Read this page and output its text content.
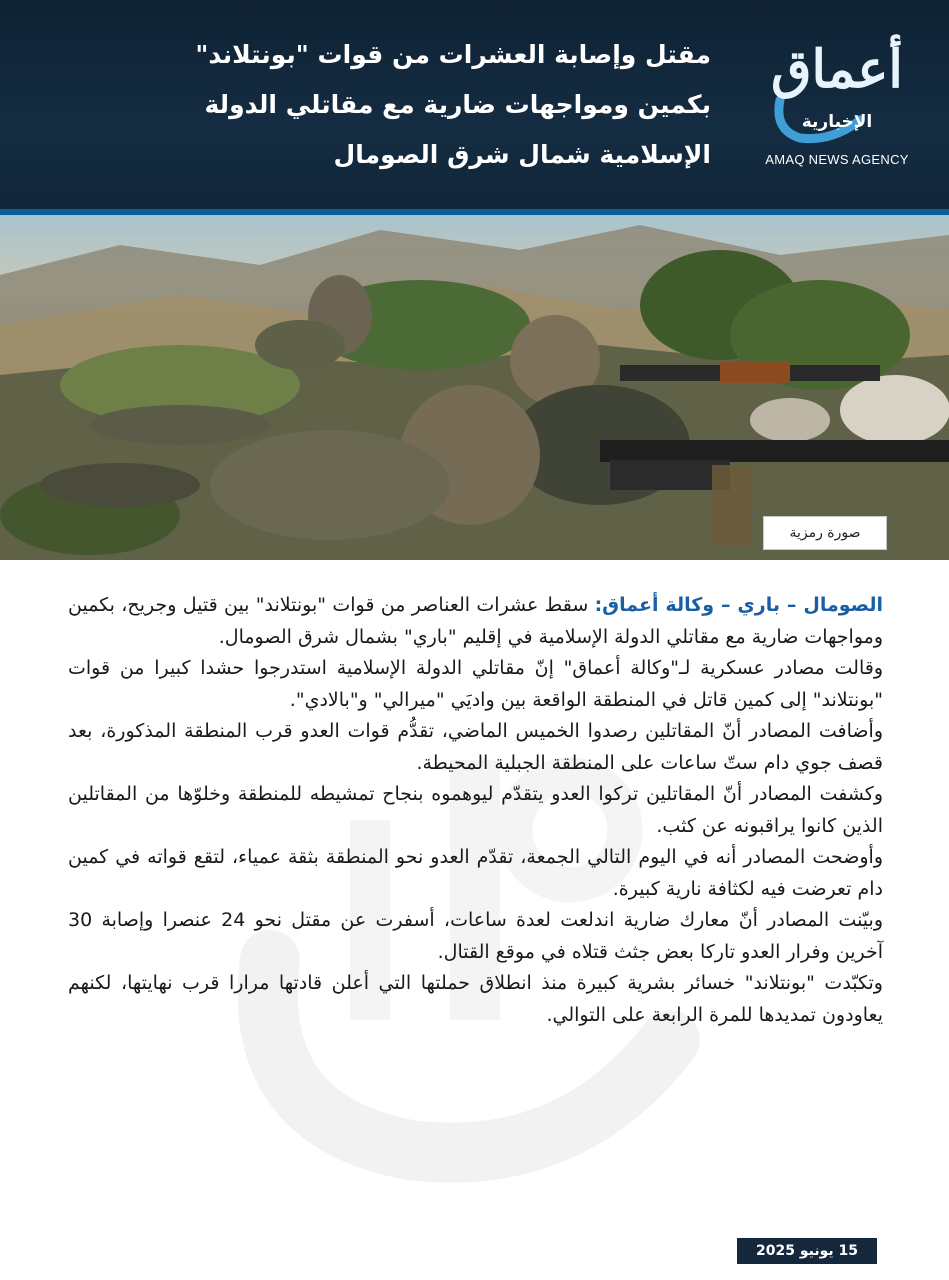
مقتل وإصابة العشرات من قوات "بونتلاند"
بكمين ومواجهات ضارية مع مقاتلي الدولة
الإسلامية شمال شرق الصومال
أعماق
الإخبارية
AMAQ NEWS AGENCY
صورة رمزية

الصومال – باري – وكالة أعماق: سقط عشرات العناصر من قوات "بونتلاند" بين قتيل وجريح، بكمين ومواجهات ضارية مع مقاتلي الدولة الإسلامية في إقليم "باري" بشمال شرق الصومال.

وقالت مصادر عسكرية لـ"وكالة أعماق" إنّ مقاتلي الدولة الإسلامية استدرجوا حشدا كبيرا من قوات "بونتلاند" إلى كمين قاتل في المنطقة الواقعة بين واديَي "ميرالي" و"بالادي".

وأضافت المصادر أنّ المقاتلين رصدوا الخميس الماضي، تقدُّم قوات العدو قرب المنطقة المذكورة، بعد قصف جوي دام ستّ ساعات على المنطقة الجبلية المحيطة.

وكشفت المصادر أنّ المقاتلين تركوا العدو يتقدّم ليوهموه بنجاح تمشيطه للمنطقة وخلوّها من المقاتلين الذين كانوا يراقبونه عن كثب.

وأوضحت المصادر أنه في اليوم التالي الجمعة، تقدّم العدو نحو المنطقة بثقة عمياء، لتقع قواته في كمين دام تعرضت فيه لكثافة نارية كبيرة.

وبيّنت المصادر أنّ معارك ضارية اندلعت لعدة ساعات، أسفرت عن مقتل نحو 24 عنصرا وإصابة 30 آخرين وفرار العدو تاركا بعض جثث قتلاه في موقع القتال.

وتكبّدت "بونتلاند" خسائر بشرية كبيرة منذ انطلاق حملتها التي أعلن قادتها مرارا قرب نهايتها، لكنهم يعاودون تمديدها للمرة الرابعة على التوالي.

15 يونيو 2025
